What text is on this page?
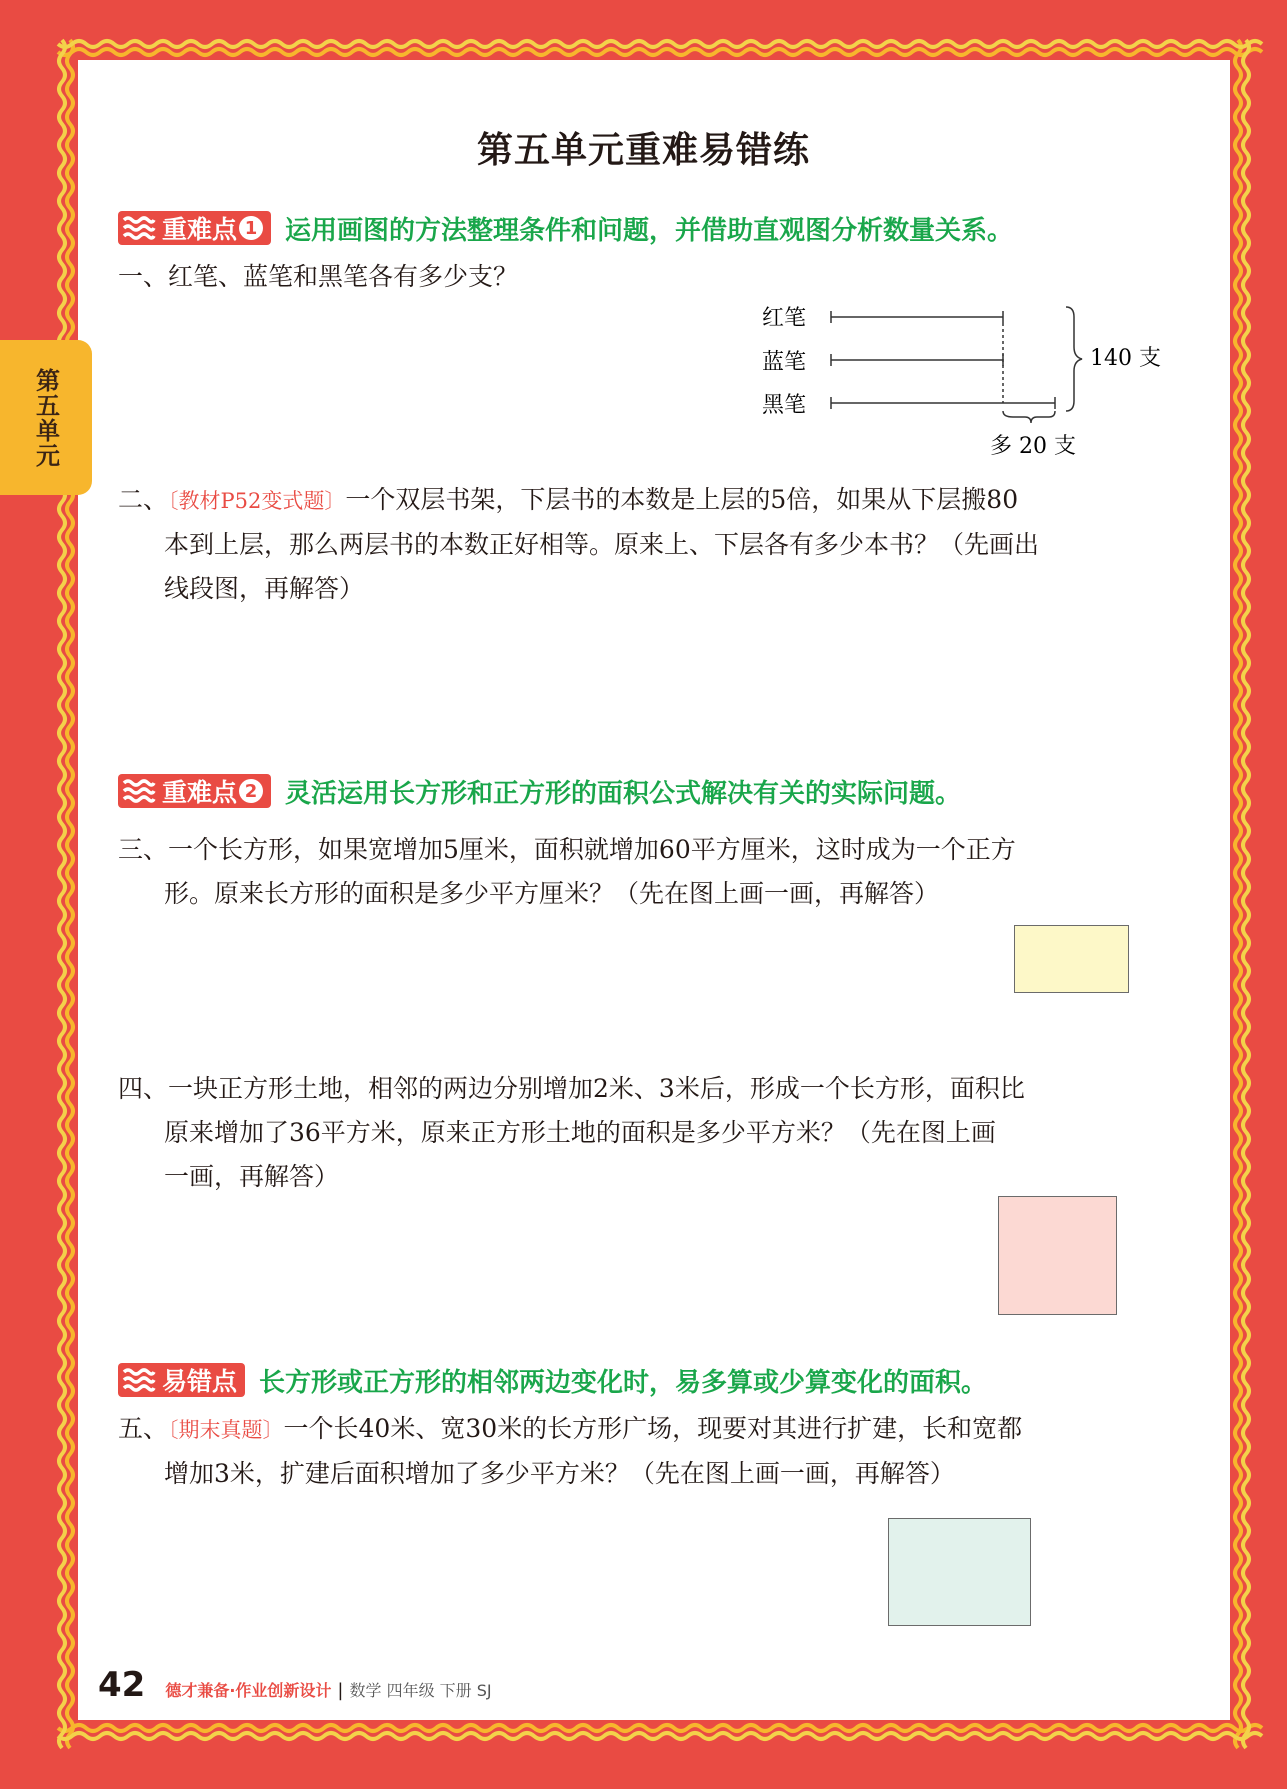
第五单元
第五单元重难易错练
重难点 1 运用画图的方法整理条件和问题，并借助直观图分析数量关系。
一、红笔、蓝笔和黑笔各有多少支？
红笔
蓝笔
黑笔
140 支
多 20 支
二、〔教材P52变式题〕一个双层书架，下层书的本数是上层的5倍，如果从下层搬80
本到上层，那么两层书的本数正好相等。原来上、下层各有多少本书？（先画出
线段图，再解答）
重难点 2 灵活运用长方形和正方形的面积公式解决有关的实际问题。
三、一个长方形，如果宽增加5厘米，面积就增加60平方厘米，这时成为一个正方
形。原来长方形的面积是多少平方厘米？（先在图上画一画，再解答）
四、一块正方形土地，相邻的两边分别增加2米、3米后，形成一个长方形，面积比
原来增加了36平方米，原来正方形土地的面积是多少平方米？（先在图上画
一画，再解答）
易错点 长方形或正方形的相邻两边变化时，易多算或少算变化的面积。
五、〔期末真题〕一个长40米、宽30米的长方形广场，现要对其进行扩建，长和宽都
增加3米，扩建后面积增加了多少平方米？（先在图上画一画，再解答）
42 德才兼备·作业创新设计 | 数学 四年级 下册 SJ
